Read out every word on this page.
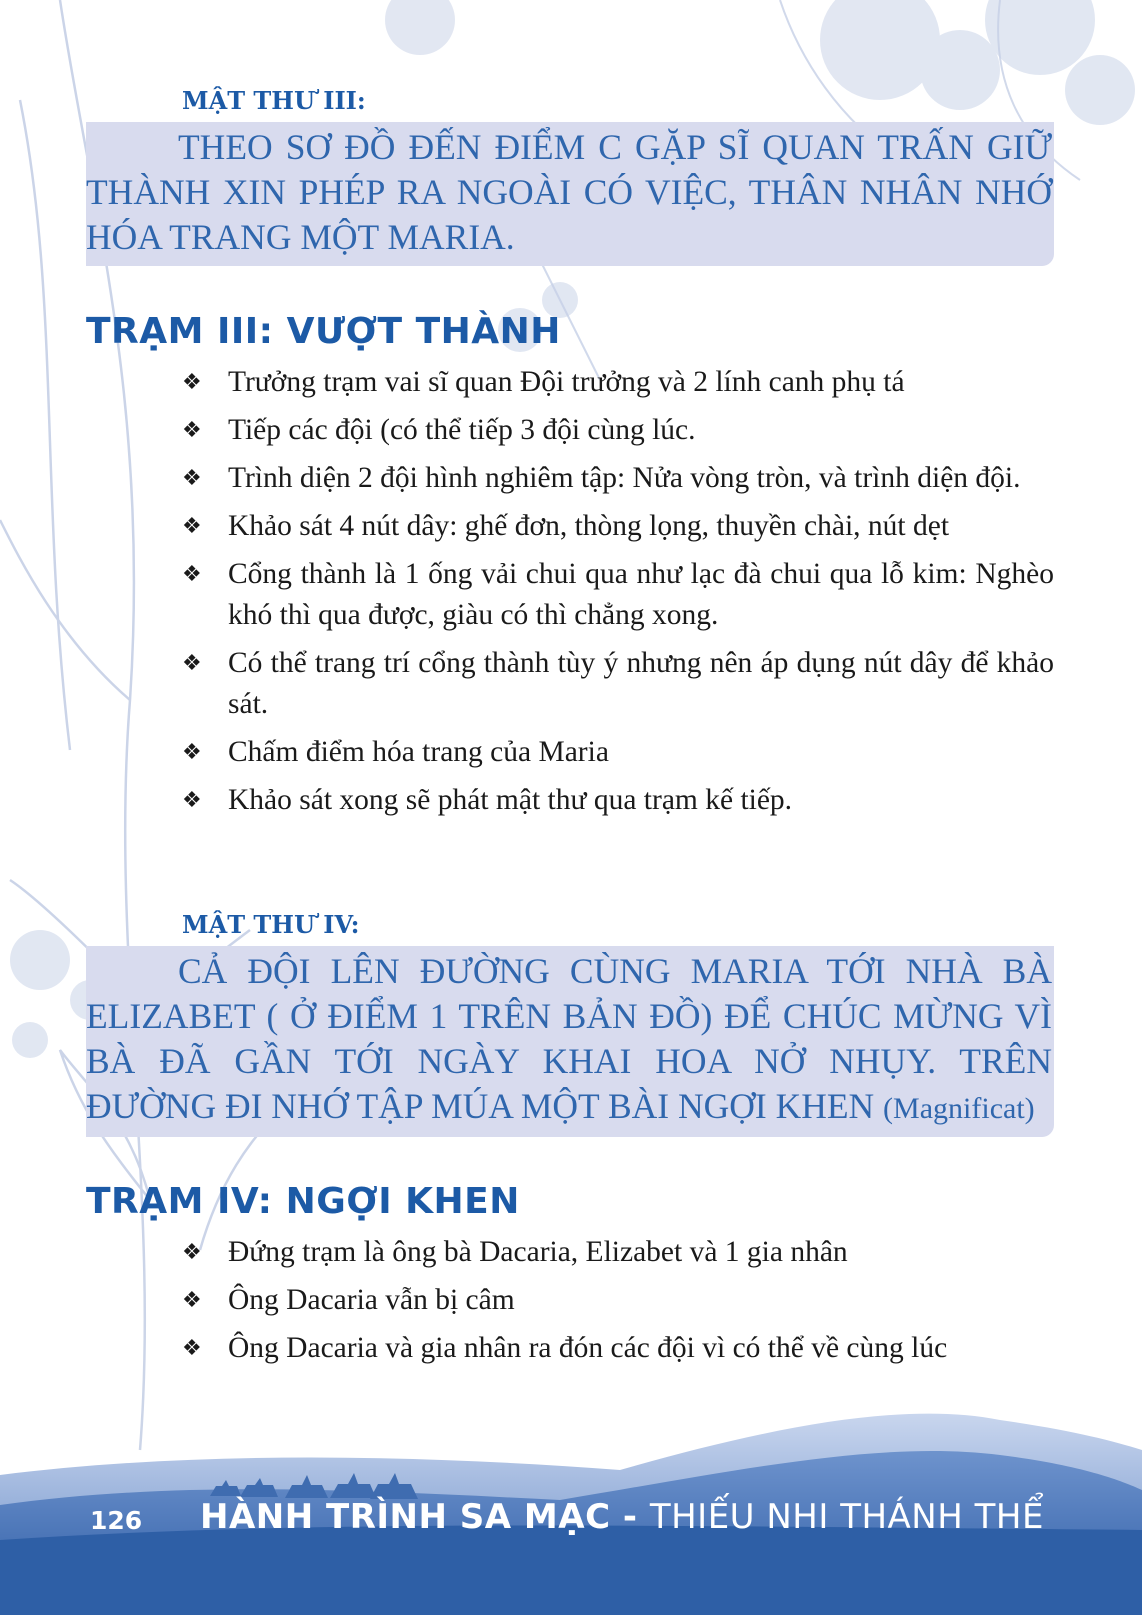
MẬT THƯ III:

THEO SƠ ĐỒ ĐẾN ĐIỂM C GẶP SĨ QUAN TRẤN GIỮ THÀNH XIN PHÉP RA NGOÀI CÓ VIỆC, THÂN NHÂN NHỚ HÓA TRANG MỘT MARIA.

TRẠM III: VƯỢT THÀNH
❖ Trưởng trạm vai sĩ quan Đội trưởng và 2 lính canh phụ tá
❖ Tiếp các đội (có thể tiếp 3 đội cùng lúc.
❖ Trình diện 2 đội hình nghiêm tập: Nửa vòng tròn, và trình diện đội.
❖ Khảo sát 4 nút dây: ghế đơn, thòng lọng, thuyền chài, nút dẹt
❖ Cổng thành là 1 ống vải chui qua như lạc đà chui qua lỗ kim: Nghèo khó thì qua được, giàu có thì chẳng xong.
❖ Có thể trang trí cổng thành tùy ý nhưng nên áp dụng nút dây để khảo sát.
❖ Chấm điểm hóa trang của Maria
❖ Khảo sát xong sẽ phát mật thư qua trạm kế tiếp.
MẬT THƯ IV:

CẢ ĐỘI LÊN ĐƯỜNG CÙNG MARIA TỚI NHÀ BÀ ELIZABET ( Ở ĐIỂM 1 TRÊN BẢN ĐỒ) ĐỂ CHÚC MỪNG VÌ BÀ ĐÃ GẦN TỚI NGÀY KHAI HOA NỞ NHỤY. TRÊN ĐƯỜNG ĐI NHỚ TẬP MÚA MỘT BÀI NGỢI KHEN (Magnificat)

TRẠM IV: NGỢI KHEN
❖ Đứng trạm là ông bà Dacaria, Elizabet và 1 gia nhân
❖ Ông Dacaria vẫn bị câm
❖ Ông Dacaria và gia nhân ra đón các đội vì có thể về cùng lúc
126 HÀNH TRÌNH SA MẠC - THIẾU NHI THÁNH THỂ
